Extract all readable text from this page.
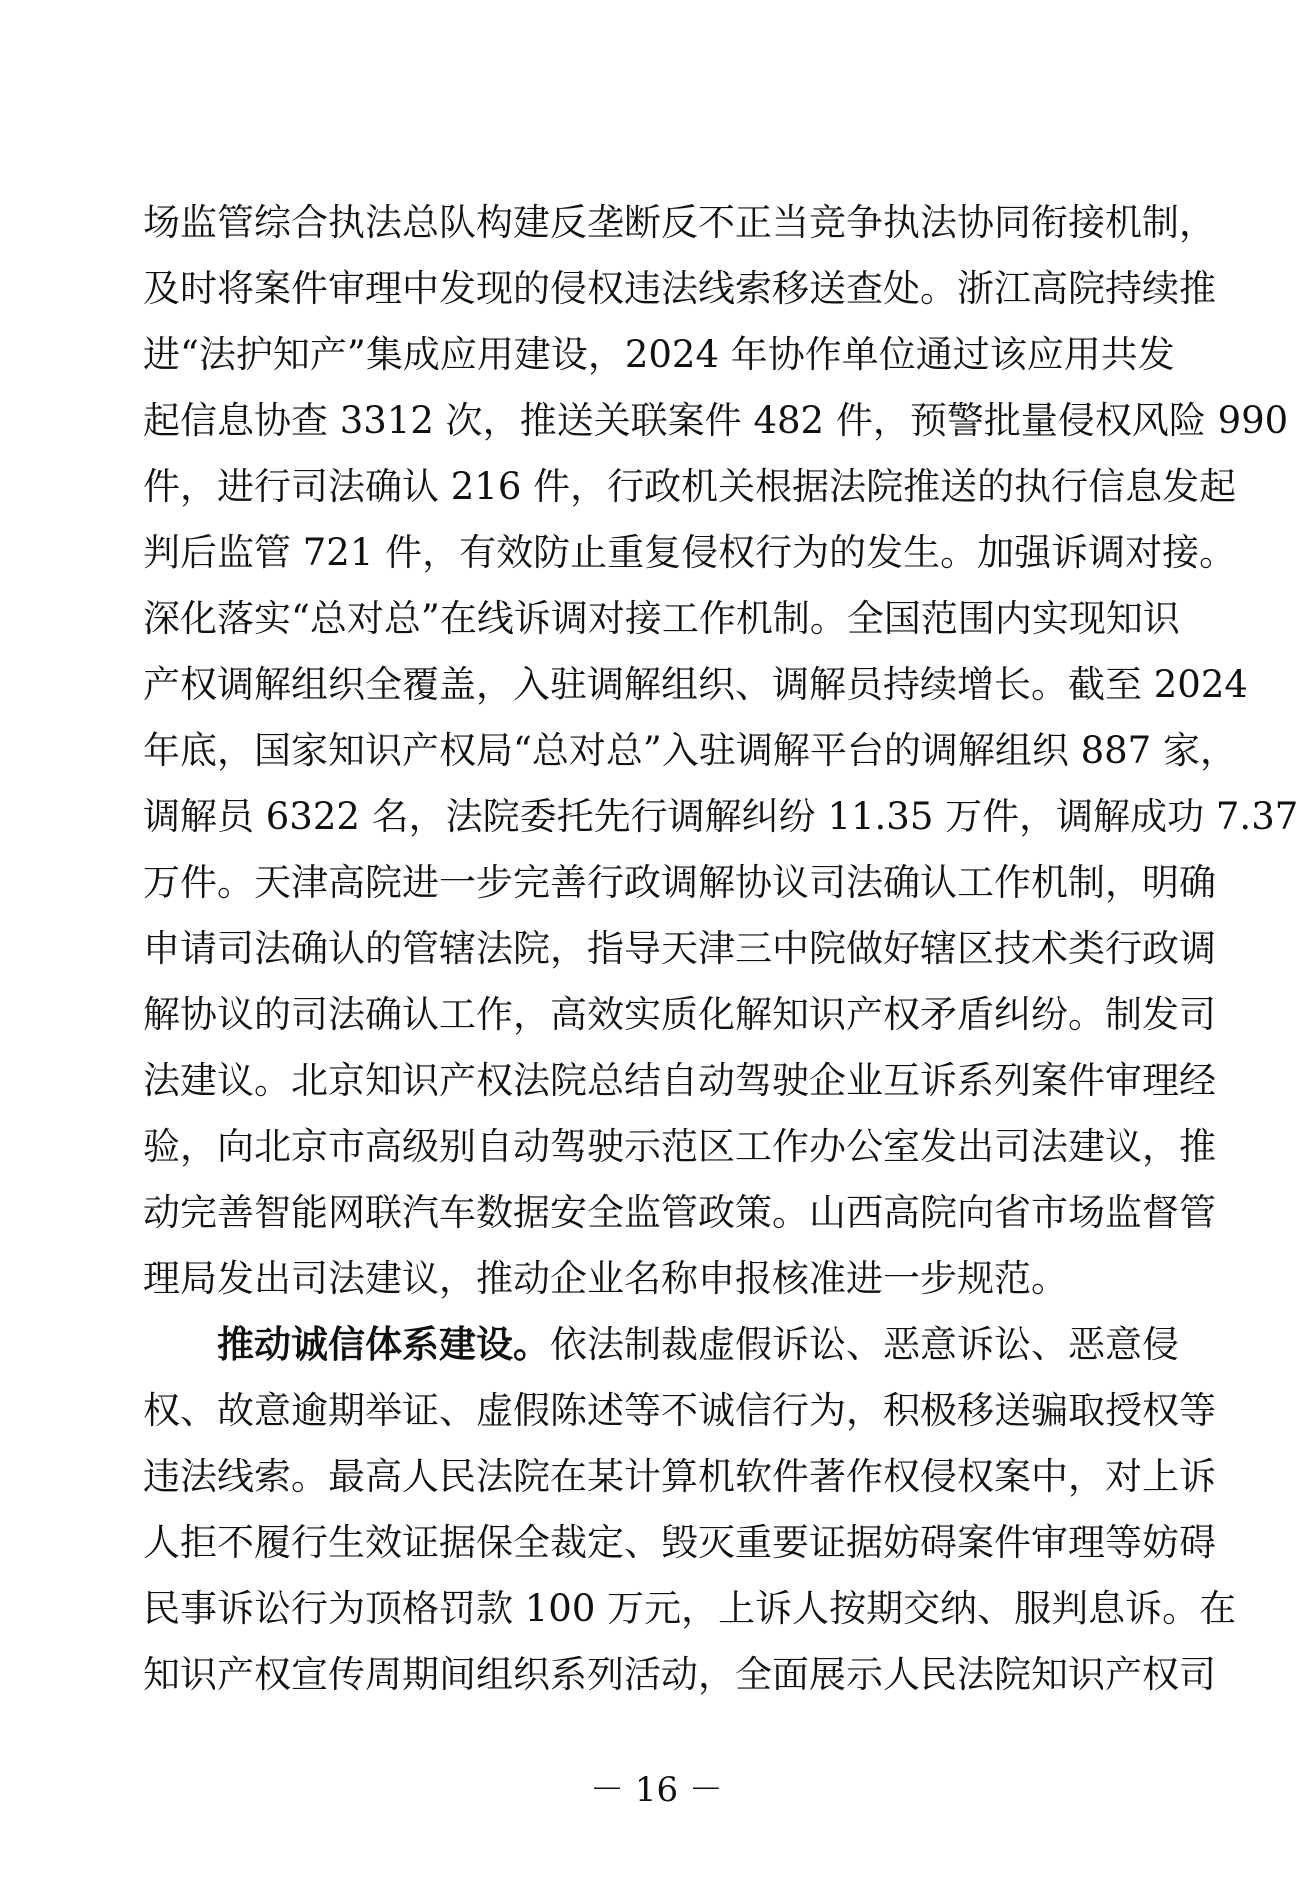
场监管综合执法总队构建反垄断反不正当竞争执法协同衔接机制，
及时将案件审理中发现的侵权违法线索移送查处。浙江高院持续推
进“法护知产”集成应用建设，2024 年协作单位通过该应用共发
起信息协查 3312 次，推送关联案件 482 件，预警批量侵权风险 990
件，进行司法确认 216 件，行政机关根据法院推送的执行信息发起
判后监管 721 件，有效防止重复侵权行为的发生。加强诉调对接。
深化落实“总对总”在线诉调对接工作机制。全国范围内实现知识
产权调解组织全覆盖，入驻调解组织、调解员持续增长。截至 2024
年底，国家知识产权局“总对总”入驻调解平台的调解组织 887 家，
调解员 6322 名，法院委托先行调解纠纷 11.35 万件，调解成功 7.37
万件。天津高院进一步完善行政调解协议司法确认工作机制，明确
申请司法确认的管辖法院，指导天津三中院做好辖区技术类行政调
解协议的司法确认工作，高效实质化解知识产权矛盾纠纷。制发司
法建议。北京知识产权法院总结自动驾驶企业互诉系列案件审理经
验，向北京市高级别自动驾驶示范区工作办公室发出司法建议，推
动完善智能网联汽车数据安全监管政策。山西高院向省市场监督管
理局发出司法建议，推动企业名称申报核准进一步规范。
推动诚信体系建设。依法制裁虚假诉讼、恶意诉讼、恶意侵
权、故意逾期举证、虚假陈述等不诚信行为，积极移送骗取授权等
违法线索。最高人民法院在某计算机软件著作权侵权案中，对上诉
人拒不履行生效证据保全裁定、毁灭重要证据妨碍案件审理等妨碍
民事诉讼行为顶格罚款 100 万元，上诉人按期交纳、服判息诉。在
知识产权宣传周期间组织系列活动，全面展示人民法院知识产权司
－ 16 －
